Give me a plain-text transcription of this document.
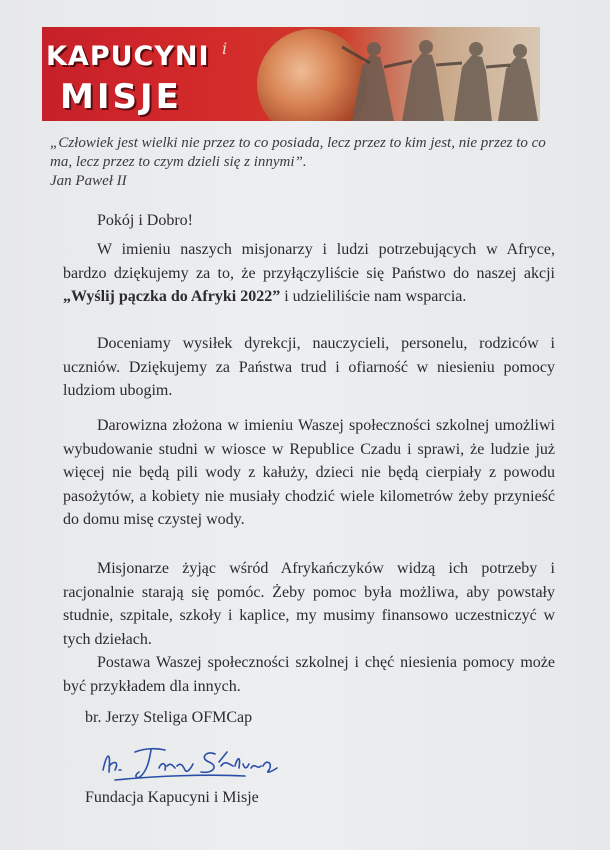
KAPUCYNI i
MISJE
„Człowiek jest wielki nie przez to co posiada, lecz przez to kim jest, nie przez to co ma, lecz przez to czym dzieli się z innymi”.
Jan Paweł II
Pokój i Dobro!
W imieniu naszych misjonarzy i ludzi potrzebujących w Afryce, bardzo dziękujemy za to, że przyłączyliście się Państwo do naszej akcji „Wyślij pączka do Afryki 2022” i udzieliliście nam wsparcia.
Doceniamy wysiłek dyrekcji, nauczycieli, personelu, rodziców i uczniów. Dziękujemy za Państwa trud i ofiarność w niesieniu pomocy ludziom ubogim.
Darowizna złożona w imieniu Waszej społeczności szkolnej umożliwi wybudowanie studni w wiosce w Republice Czadu i sprawi, że ludzie już więcej nie będą pili wody z kałuży, dzieci nie będą cierpiały z powodu pasożytów, a kobiety nie musiały chodzić wiele kilometrów żeby przynieść do domu misę czystej wody.
Misjonarze żyjąc wśród Afrykańczyków widzą ich potrzeby i racjonalnie starają się pomóc. Żeby pomoc była możliwa, aby powstały studnie, szpitale, szkoły i kaplice, my musimy finansowo uczestniczyć w tych dziełach.
Postawa Waszej społeczności szkolnej i chęć niesienia pomocy może być przykładem dla innych.
br. Jerzy Steliga OFMCap
Fundacja Kapucyni i Misje
